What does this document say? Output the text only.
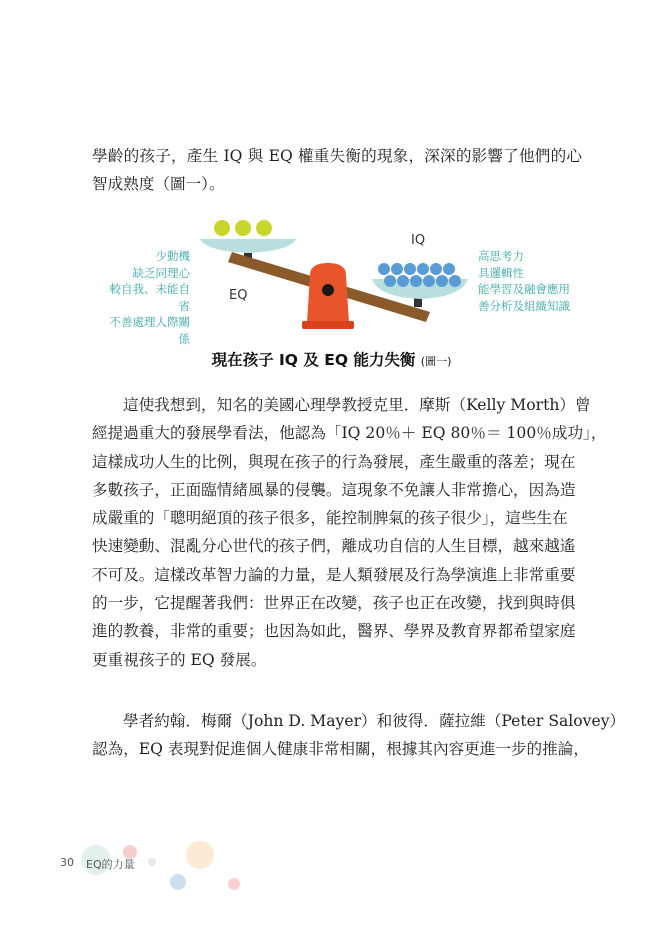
學齡的孩子，產生 IQ 與 EQ 權重失衡的現象，深深的影響了他們的心
智成熟度（圖一）。

少動機
缺乏同理心
較自我、未能自省
不善處理人際關係
高思考力
具邏輯性
能學習及融會應用
善分析及組織知識
EQ
IQ
現在孩子 IQ 及 EQ 能力失衡 (圖一)

這使我想到，知名的美國心理學教授克里．摩斯（Kelly Morth）曾
經提過重大的發展學看法，他認為「IQ 20％＋ EQ 80％＝ 100％成功」，
這樣成功人生的比例，與現在孩子的行為發展，產生嚴重的落差；現在
多數孩子，正面臨情緒風暴的侵襲。這現象不免讓人非常擔心，因為造
成嚴重的「聰明絕頂的孩子很多，能控制脾氣的孩子很少」，這些生在
快速變動、混亂分心世代的孩子們，離成功自信的人生目標，越來越遙
不可及。這樣改革智力論的力量，是人類發展及行為學演進上非常重要
的一步，它提醒著我們：世界正在改變，孩子也正在改變，找到與時俱
進的教養，非常的重要；也因為如此，醫界、學界及教育界都希望家庭
更重視孩子的 EQ 發展。

學者約翰．梅爾（John D. Mayer）和彼得．薩拉維（Peter Salovey）
認為，EQ 表現對促進個人健康非常相關，根據其內容更進一步的推論，

30 EQ的力量
